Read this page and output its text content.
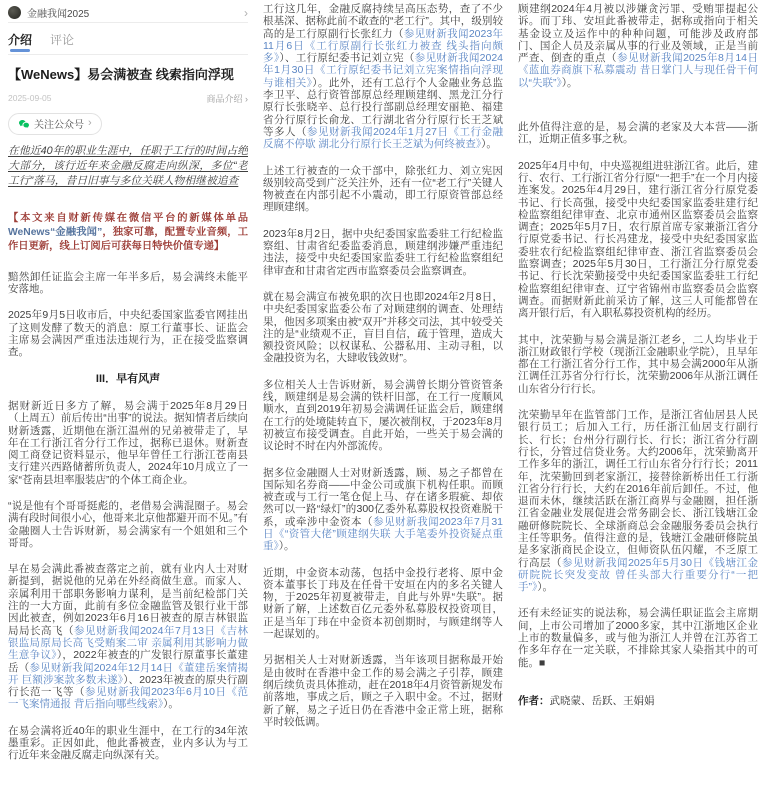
金融我闻2025	›
介绍 评论
【WeNews】易会满被查 线索指向浮现
2025-09-05	商品介绍 ›
关注公众号 ›

在他近40年的职业生涯中，任职于工行的时间占绝大部分，该行近年来金融反腐走向纵深，多位“老工行”落马，昔日旧事与多位关联人物相继被追查

【本文来自财新传媒在微信平台的新媒体单品 WeNews“金融我闻”，独家可靠，配置专业音频，工作日更新，线上订阅后可获每日特快价值专递】

黯然卸任证监会主席一年半多后，易会满终未能平安落地。

2025年9月5日收市后，中央纪委国家监委官网挂出了这则发酵了数天的消息：原工行董事长、证监会主席易会满因严重违法违规行为，正在接受监察调查。

III．早有风声

据财新近日多方了解，易会满于2025年8月29日（上周五）前后传出“出事”的说法。据知情者后续向财新透露，近期他在浙江温州的兄弟被带走了，早年在工行浙江省分行工作过，据称已退休。财新查阅工商登记资料显示，他早年曾任工行浙江苍南县支行建兴西路储蓄所负责人，2024年10月成立了一家“苍南县坦率服装店”的个体工商企业。

“说是他有个哥哥挺彪的，老借易会满混圈子。易会满有段时间很小心，他哥来北京他都避开而不见。”有金融圈人士告诉财新，易会满家有一个姐姐和三个哥哥。

早在易会满此番被查落定之前，就有业内人士对财新提到，据说他的兄弟在外经商做生意。而家人、亲属利用干部职务影响力谋利，是当前纪检部门关注的一大方面，此前有多位金融监管及银行业干部因此被查，例如2023年6月16日被查的原吉林银监局局长高飞（参见财新我闻2024年7月13日《吉林银监局原局长高飞受贿案二审 亲属利用其影响力做生意争议》），2022年被查的广发银行原董事长董建岳（参见财新我闻2024年12月14日《董建岳案情揭开 巨额涉案款多数未遂》）、2023年被查的原央行副行长范一飞等（参见财新我闻2023年6月10日《范一飞案情通报 背后指向哪些线索》）。

在易会满将近40年的职业生涯中，在工行的34年浓墨重彩。正因如此，他此番被查，业内多认为与工行近年来金融反腐走向纵深有关。

工行这几年，金融反腐持续呈高压态势，查了不少根基深、据称此前不敢查的“老工行”。其中，级别较高的是工行原副行长张红力（参见财新我闻2023年11月6日《工行原副行长张红力被查 线头指向颇多》）、工行原纪委书记刘立宪（参见财新我闻2024年1月30日《工行原纪委书记刘立宪案情指向浮现 与谁相关》）。此外，还有工总行个人金融业务总监李卫平、总行资管部原总经理顾建纲、黑龙江分行原行长张晓辛、总行投行部副总经理安丽艳、福建省分行原行长俞龙、工行湖北省分行原行长王芝斌等多人（参见财新我闻2024年1月27日《工行金融反腐不停歇 湖北分行原行长王芝斌为何终被查》）。

上述工行被查的一众干部中，除张红力、刘立宪因级别较高受到广泛关注外，还有一位“老工行”关键人物被查在内部引起不小震动，即工行原资管部总经理顾建纲。

2023年8月2日，据中央纪委国家监委驻工行纪检监察组、甘肃省纪委监委消息，顾建纲涉嫌严重违纪违法，接受中央纪委国家监委驻工行纪检监察组纪律审查和甘肃省定西市监察委员会监察调查。

就在易会满宣布被免职的次日也即2024年2月8日，中央纪委国家监委公布了对顾建纲的调查、处理结果，他因多项案由被“双开”并移交司法，其中较受关注的是“业绩观不正，盲目自信，疏于管理，造成大额投资风险；以权谋私、公器私用、主动寻租，以金融投资为名，大肆收钱敛财”。

多位相关人士告诉财新，易会满曾长期分管资管条线，顾建纲是易会满的铁杆旧部，在工行一度顺风顺水，直到2019年初易会满调任证监会后，顾建纲在工行的处境陡转直下，屡次被削权，于2023年8月初被宣布接受调查。自此开始，一些关于易会满的议论时不时在内外部流传。

据多位金融圈人士对财新透露，顾、易之子都曾在国际知名券商——中金公司或旗下机构任职。而顾被查或与工行一笔仓促上马、存在诸多瑕疵、却依然可以一路“绿灯”的300亿委外私募股权投资难脱干系，或牵涉中金资本（参见财新我闻2023年7月31日《“资管大佬”顾建纲失联 大手笔委外投资疑点重重》）。

近期，中金资本动荡，包括中金投行老将、原中金资本董事长丁玮及在任骨干安垣在内的多名关键人物，于2025年初夏被带走，自此与外界“失联”。据财新了解，上述数百亿元委外私募股权投资项目，正是当年丁玮在中金资本初创期时，与顾建纲等人一起谋划的。

另据相关人士对财新透露，当年该项目据称最开始是由彼时在香港中金工作的易会满之子引荐，顾建纲后续负责具体推动，赶在2018年4月资管新规发布前落地，事成之后，顾之子入职中金。不过，据财新了解，易之子近日仍在香港中金正常上班，据称平时较低调。

顾建纲2024年4月被以涉嫌贪污罪、受贿罪提起公诉。而丁玮、安垣此番被带走，据称或指向于相关基金设立及运作中的种种问题，可能涉及政府部门、国企人员及亲属从事的行业及领域，正是当前严查、倒查的重点（参见财新我闻2025年8月14日《蓝血券商旗下私募震动 昔日掌门人与现任骨干何以“失联”》）。

此外值得注意的是，易会满的老家及大本营——浙江，近期正值多事之秋。

2025年4月中旬，中央巡视组进驻浙江省。此后，建行、农行、工行浙江省分行原“一把手”在一个月内接连案发。2025年4月29日，建行浙江省分行原党委书记、行长高强，接受中央纪委国家监委驻建行纪检监察组纪律审查、北京市通州区监察委员会监察调查；2025年5月7日，农行原首席专家兼浙江省分行原党委书记、行长冯建龙，接受中央纪委国家监委驻农行纪检监察组纪律审查、浙江省监察委员会监察调查；2025年5月30日，工行浙江分行原党委书记、行长沈荣勤接受中央纪委国家监委驻工行纪检监察组纪律审查、辽宁省锦州市监察委员会监察调查。而据财新此前采访了解，这三人可能都曾在离开银行后，有入职私募投资机构的经历。

其中，沈荣勤与易会满是浙江老乡，二人均毕业于浙江财政银行学校（现浙江金融职业学院），且早年都在工行浙江省分行工作，其中易会满2000年从浙江调任江苏省分行行长，沈荣勤2006年从浙江调任山东省分行行长。

沈荣勤早年在监管部门工作，是浙江省仙居县人民银行员工；后加入工行，历任浙江仙居支行副行长、行长；台州分行副行长、行长；浙江省分行副行长，分管过信贷业务。大约2006年，沈荣勤离开工作多年的浙江，调任工行山东省分行行长；2011年，沈荣勤回到老家浙江，接替徐新桥出任工行浙江省分行行长，大约在2016年前后卸任。不过，他退而未休，继续活跃在浙江商界与金融圈，担任浙江省金融业发展促进会常务副会长、浙江钱塘江金融研修院院长、全球浙商总会金融服务委员会执行主任等职务。值得注意的是，钱塘江金融研修院虽是多家浙商民企设立，但师资队伍闪耀，不乏原工行高层（参见财新我闻2025年5月30日《钱塘江金研院院长突发变故 曾任头部大行重要分行“一把手”》）。

还有未经证实的说法称，易会满任职证监会主席期间，上市公司增加了2000多家，其中江浙地区企业上市的数量偏多，或与他为浙江人并曾在江苏省工作多年存在一定关联，不排除其家人染指其中的可能。■

作者：武晓蒙、岳跃、王娟娟
